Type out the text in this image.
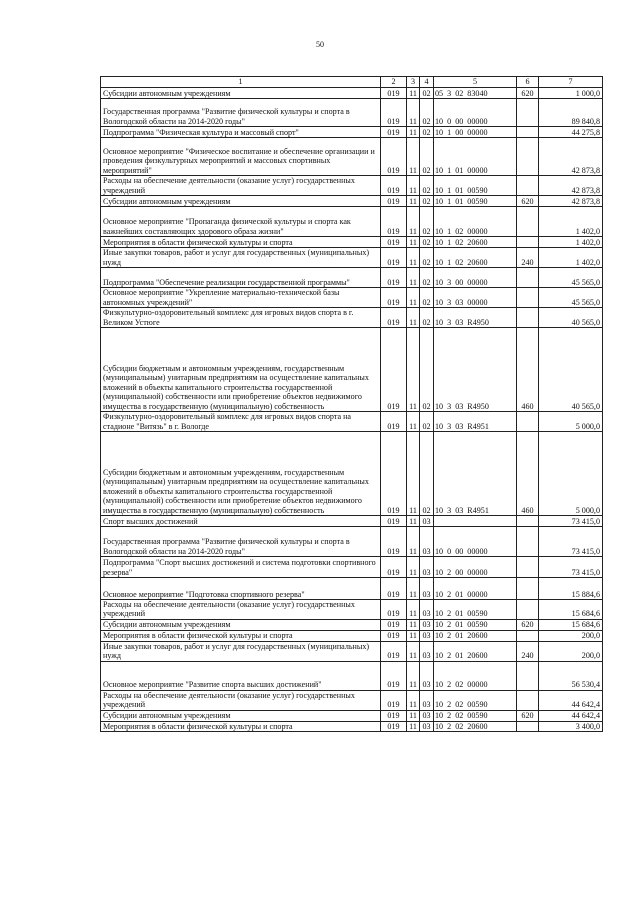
50
1	2	3	4	5	6	7
Субсидии автономным учреждениям	019	11	02	05 3 02 83040	620	1 000,0
Государственная программа "Развитие физической культуры и спорта в Вологодской области на 2014-2020 годы"	019	11	02	10 0 00 00000		89 840,8
Подпрограмма "Физическая культура и массовый спорт"	019	11	02	10 1 00 00000		44 275,8
Основное мероприятие "Физическое воспитание и обеспечение организации и проведения физкультурных мероприятий и массовых спортивных мероприятий"	019	11	02	10 1 01 00000		42 873,8
Расходы на обеспечение деятельности (оказание услуг) государственных учреждений	019	11	02	10 1 01 00590		42 873,8
Субсидии автономным учреждениям	019	11	02	10 1 01 00590	620	42 873,8
Основное мероприятие "Пропаганда физической культуры и спорта как важнейших составляющих здорового образа жизни"	019	11	02	10 1 02 00000		1 402,0
Мероприятия в области физической культуры и спорта	019	11	02	10 1 02 20600		1 402,0
Иные закупки товаров, работ и услуг для государственных (муниципальных) нужд	019	11	02	10 1 02 20600	240	1 402,0
Подпрограмма "Обеспечение реализации государственной программы"	019	11	02	10 3 00 00000		45 565,0
Основное мероприятие "Укрепление материально-технической базы автономных учреждений"	019	11	02	10 3 03 00000		45 565,0
Физкультурно-оздоровительный комплекс для игровых видов спорта в г. Великом Устюге	019	11	02	10 3 03 R4950		40 565,0
Субсидии бюджетным и автономным учреждениям, государственным (муниципальным) унитарным предприятиям на осуществление капитальных вложений в объекты капитального строительства государственной (муниципальной) собственности или приобретение объектов недвижимого имущества в государственную (муниципальную) собственность	019	11	02	10 3 03 R4950	460	40 565,0
Физкультурно-оздоровительный комплекс для игровых видов спорта на стадионе "Витязь" в г. Вологде	019	11	02	10 3 03 R4951		5 000,0
Субсидии бюджетным и автономным учреждениям, государственным (муниципальным) унитарным предприятиям на осуществление капитальных вложений в объекты капитального строительства государственной (муниципальной) собственности или приобретение объектов недвижимого имущества в государственную (муниципальную) собственность	019	11	02	10 3 03 R4951	460	5 000,0
Спорт высших достижений	019	11	03			73 415,0
Государственная программа "Развитие физической культуры и спорта в Вологодской области на 2014-2020 годы"	019	11	03	10 0 00 00000		73 415,0
Подпрограмма "Спорт высших достижений и система подготовки спортивного резерва"	019	11	03	10 2 00 00000		73 415,0
Основное мероприятие "Подготовка спортивного резерва"	019	11	03	10 2 01 00000		15 884,6
Расходы на обеспечение деятельности (оказание услуг) государственных учреждений	019	11	03	10 2 01 00590		15 684,6
Субсидии автономным учреждениям	019	11	03	10 2 01 00590	620	15 684,6
Мероприятия в области физической культуры и спорта	019	11	03	10 2 01 20600		200,0
Иные закупки товаров, работ и услуг для государственных (муниципальных) нужд	019	11	03	10 2 01 20600	240	200,0
Основное мероприятие "Развитие спорта высших достижений"	019	11	03	10 2 02 00000		56 530,4
Расходы на обеспечение деятельности (оказание услуг) государственных учреждений	019	11	03	10 2 02 00590		44 642,4
Субсидии автономным учреждениям	019	11	03	10 2 02 00590	620	44 642,4
Мероприятия в области физической культуры и спорта	019	11	03	10 2 02 20600		3 400,0
